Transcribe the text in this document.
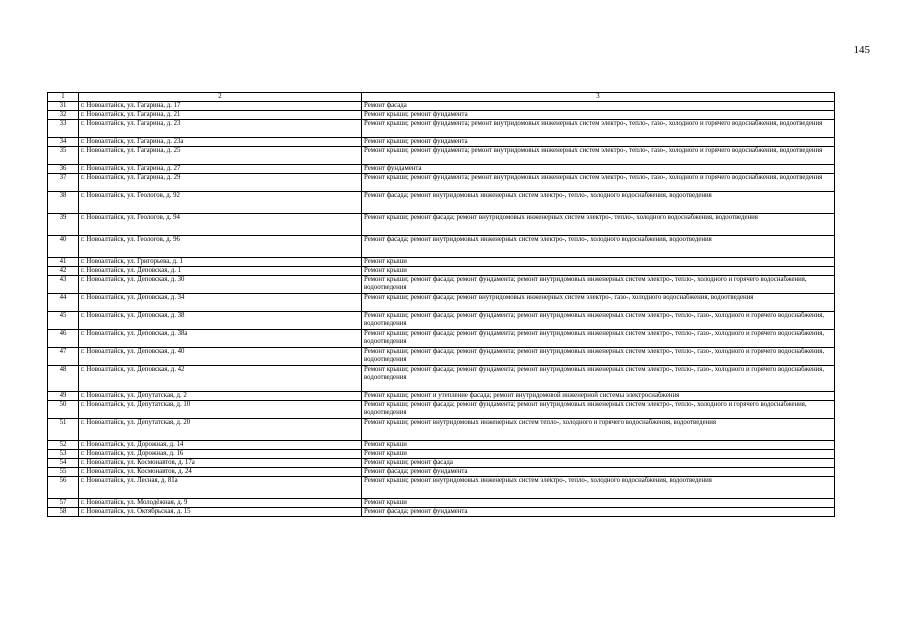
145
1	2	3
31	г. Новоалтайск, ул. Гагарина, д. 17	Ремонт фасада
32	г. Новоалтайск, ул. Гагарина, д. 21	Ремонт крыши; ремонт фундамента
33	г. Новоалтайск, ул. Гагарина, д. 23	Ремонт крыши; ремонт фундамента; ремонт внутридомовых инженерных систем электро-, тепло-, газо-, холодного и горячего водоснабжения, водоотведения
34	г. Новоалтайск, ул. Гагарина, д. 23а	Ремонт крыши; ремонт фундамента
35	г. Новоалтайск, ул. Гагарина, д. 25	Ремонт крыши; ремонт фундамента; ремонт внутридомовых инженерных систем электро-, тепло-, газо-, холодного и горячего водоснабжения, водоотведения
36	г. Новоалтайск, ул. Гагарина, д. 27	Ремонт фундамента
37	г. Новоалтайск, ул. Гагарина, д. 29	Ремонт крыши; ремонт фундамента; ремонт внутридомовых инженерных систем электро-, тепло-, газо-, холодного и горячего водоснабжения, водоотведения
38	г. Новоалтайск, ул. Геологов, д. 92	Ремонт фасада; ремонт внутридомовых инженерных систем электро-, тепло-, холодного водоснабжения, водоотведения
39	г. Новоалтайск, ул. Геологов, д. 94	Ремонт крыши; ремонт фасада; ремонт внутридомовых инженерных систем электро-, тепло-, холодного водоснабжения, водоотведения
40	г. Новоалтайск, ул. Геологов, д. 96	Ремонт фасада; ремонт внутридомовых инженерных систем электро-, тепло-, холодного водоснабжения, водоотведения
41	г. Новоалтайск, ул. Григорьева, д. 1	Ремонт крыши
42	г. Новоалтайск, ул. Деповская, д. 1	Ремонт крыши
43	г. Новоалтайск, ул. Деповская, д. 30	Ремонт крыши; ремонт фасада; ремонт фундамента; ремонт внутридомовых инженерных систем электро-, тепло-, холодного и горячего водоснабжения, водоотведения
44	г. Новоалтайск, ул. Деповская, д. 34	Ремонт крыши; ремонт фасада; ремонт внутридомовых инженерных систем электро-, газо-, холодного водоснабжения, водоотведения
45	г. Новоалтайск, ул. Деповская, д. 38	Ремонт крыши; ремонт фасада; ремонт фундамента; ремонт внутридомовых инженерных систем электро-, тепло-, газо-, холодного и горячего водоснабжения, водоотведения
46	г. Новоалтайск, ул. Деповская, д. 38а	Ремонт крыши; ремонт фасада; ремонт фундамента; ремонт внутридомовых инженерных систем электро-, тепло-, газо-, холодного и горячего водоснабжения, водоотведения
47	г. Новоалтайск, ул. Деповская, д. 40	Ремонт крыши; ремонт фасада; ремонт фундамента; ремонт внутридомовых инженерных систем электро-, тепло-, газо-, холодного и горячего водоснабжения, водоотведения
48	г. Новоалтайск, ул. Деповская, д. 42	Ремонт крыши; ремонт фасада; ремонт фундамента; ремонт внутридомовых инженерных систем электро-, тепло-, газо-, холодного и горячего водоснабжения, водоотведения
49	г. Новоалтайск, ул. Депутатская, д. 2	Ремонт крыши; ремонт и утепление фасада; ремонт внутридомовой инженерной системы электроснабжения
50	г. Новоалтайск, ул. Депутатская, д. 10	Ремонт крыши; ремонт фасада; ремонт фундамента; ремонт внутридомовых инженерных систем электро-, тепло-, холодного и горячего водоснабжения, водоотведения
51	г. Новоалтайск, ул. Депутатская, д. 20	Ремонт крыши; ремонт внутридомовых инженерных систем тепло-, холодного и горячего водоснабжения, водоотведения
52	г. Новоалтайск, ул. Дорожная, д. 14	Ремонт крыши
53	г. Новоалтайск, ул. Дорожная, д. 16	Ремонт крыши
54	г. Новоалтайск, ул. Космонавтов, д. 17а	Ремонт крыши; ремонт фасада
55	г. Новоалтайск, ул. Космонавтов, д. 24	Ремонт фасада; ремонт фундамента
56	г. Новоалтайск, ул. Лесная, д. 81а	Ремонт крыши; ремонт внутридомовых инженерных систем электро-, тепло-, холодного водоснабжения, водоотведения
57	г. Новоалтайск, ул. Молодёжная, д. 9	Ремонт крыши
58	г. Новоалтайск, ул. Октябрьская, д. 15	Ремонт фасада; ремонт фундамента
